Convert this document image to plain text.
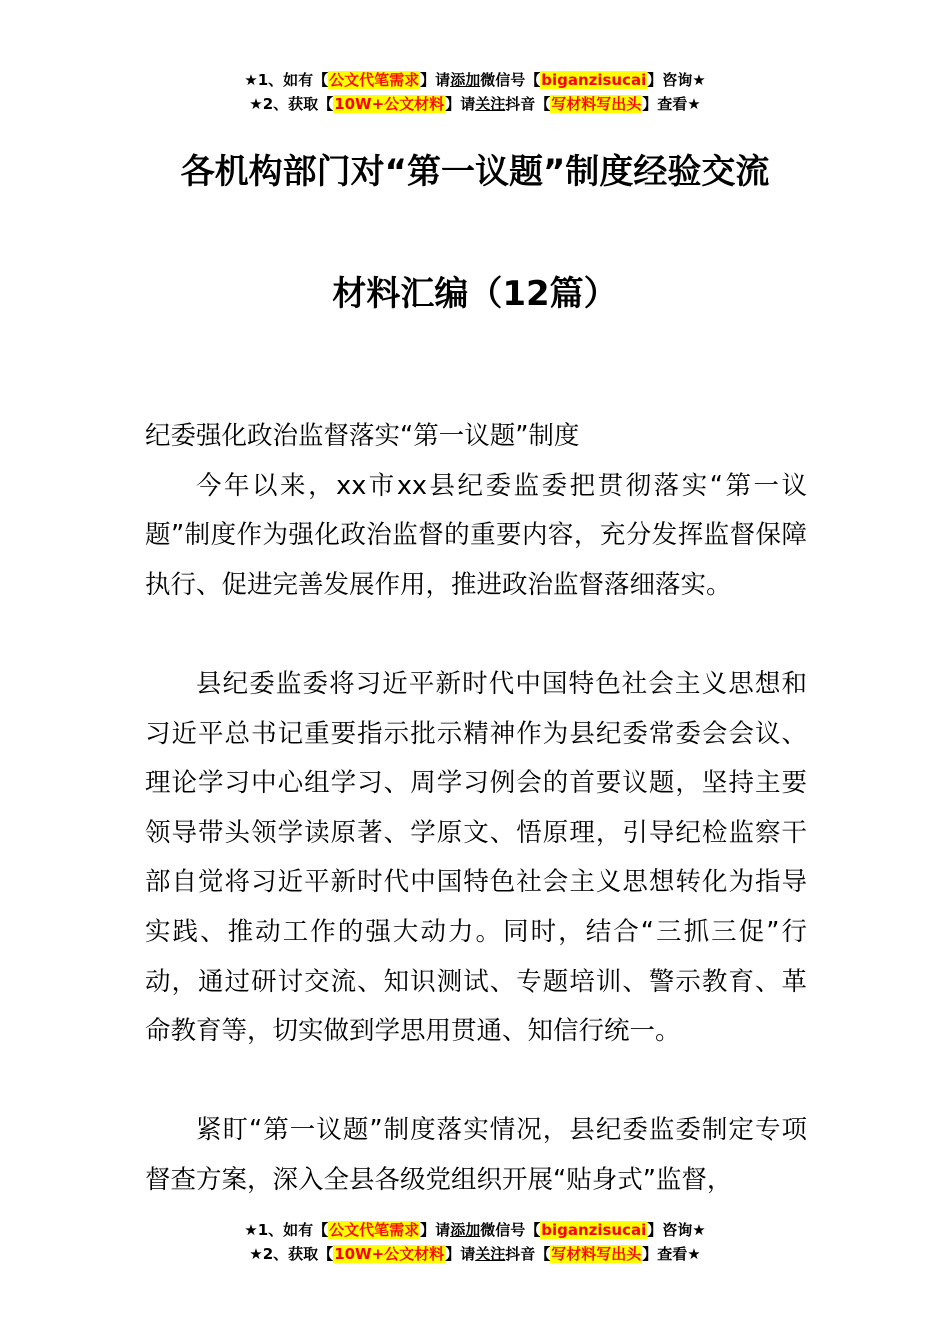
★1、如有【公文代笔需求】请添加微信号【biganzisucai】咨询★
★2、获取【10W+公文材料】请关注抖音【写材料写出头】查看★
各机构部门对“第一议题”制度经验交流
材料汇编（12篇）

纪委强化政治监督落实“第一议题”制度

今年以来，xx市xx县纪委监委把贯彻落实“第一议题”制度作为强化政治监督的重要内容，充分发挥监督保障执行、促进完善发展作用，推进政治监督落细落实。

县纪委监委将习近平新时代中国特色社会主义思想和习近平总书记重要指示批示精神作为县纪委常委会会议、理论学习中心组学习、周学习例会的首要议题，坚持主要领导带头领学读原著、学原文、悟原理，引导纪检监察干部自觉将习近平新时代中国特色社会主义思想转化为指导实践、推动工作的强大动力。同时，结合“三抓三促”行动，通过研讨交流、知识测试、专题培训、警示教育、革命教育等，切实做到学思用贯通、知信行统一。

紧盯“第一议题”制度落实情况，县纪委监委制定专项督查方案，深入全县各级党组织开展“贴身式”监督，

★1、如有【公文代笔需求】请添加微信号【biganzisucai】咨询★
★2、获取【10W+公文材料】请关注抖音【写材料写出头】查看★
